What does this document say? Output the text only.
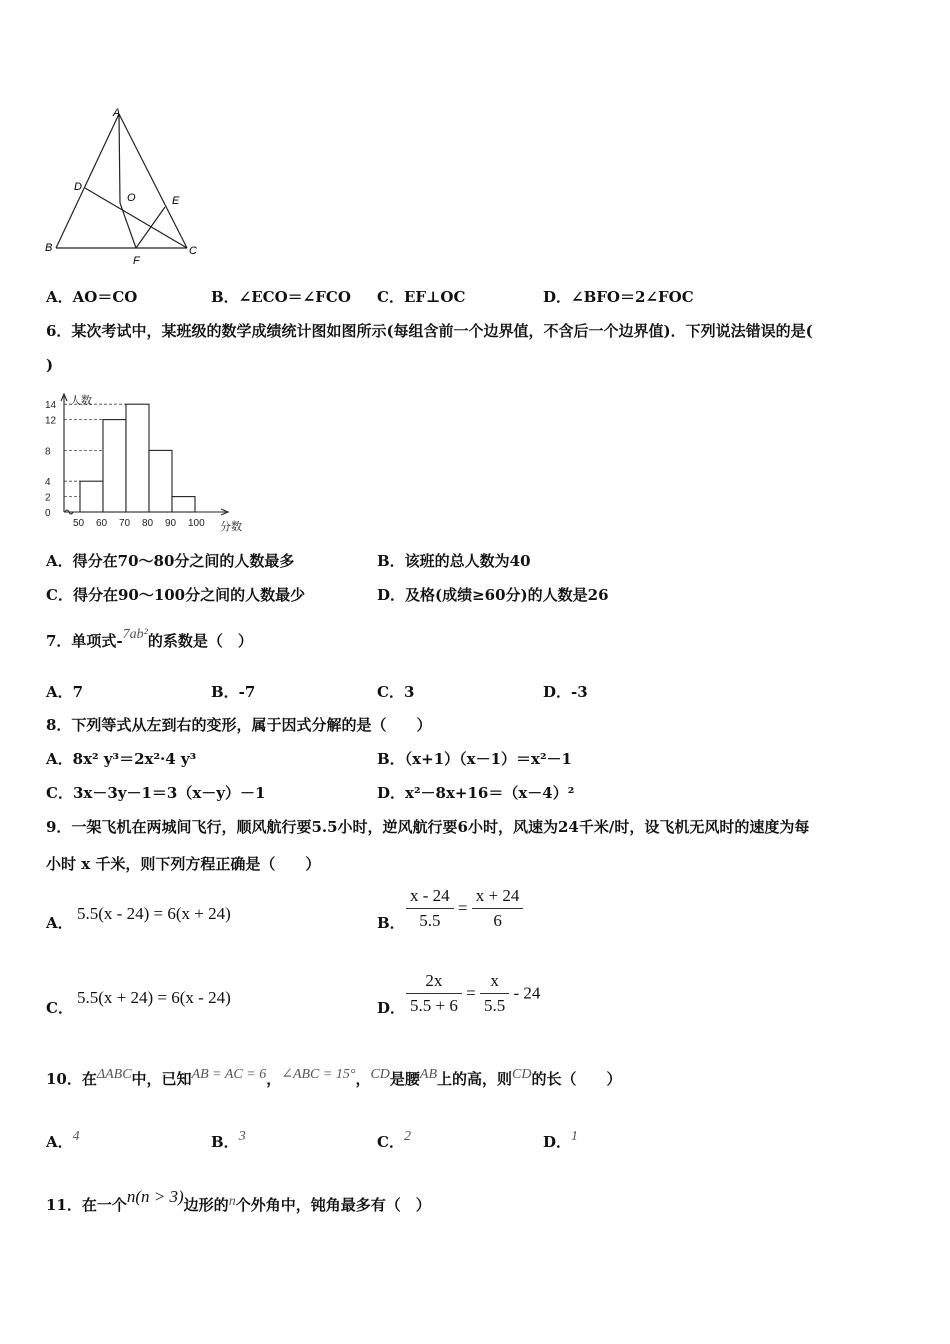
A
B	C
D
E
F
O
A．AO＝CO	B．∠ECO＝∠FCO C．EF⊥OC	D．∠BFO＝2∠FOC
6．某次考试中，某班级的数学成绩统计图如图所示(每组含前一个边界值，不含后一个边界值)．下列说法错误的是(
)
0
2
4
8
12
14
50 60 70 80 90 100
人数
分数
A．得分在70～80分之间的人数最多	B．该班的总人数为40
C．得分在90～100分之间的人数最少	D．及格(成绩≥60分)的人数是26
7．单项式-7ab²的系数是（　）
A．7	B．-7	C．3	D．-3
8．下列等式从左到右的变形，属于因式分解的是（　　）
A．8x² y³＝2x²·4 y³	B．（x+1）（x－1）＝x²－1
C．3x－3y－1＝3（x－y）－1	D．x²－8x+16＝（x－4）²
9．一架飞机在两城间飞行，顺风航行要5.5小时，逆风航行要6小时，风速为24千米/时，设飞机无风时的速度为每
小时 x 千米，则下列方程正确是（　　）
A． 5.5(x - 24) = 6(x + 24)	B． $\frac{x - 24}{5.5} = \frac{x + 24}{6}$
C．
5.5(x + 24) = 6(x - 24)
D． $\frac{2x}{5.5 + 6} = \frac{x}{5.5} - 24$
10．在ΔABC中，已知AB = AC = 6，∠ABC = 15°，CD是腰AB上的高，则CD的长（　　）
A．4	B．3	C．2	D．1
11．在一个n(n > 3)边形的n个外角中，钝角最多有（　）
